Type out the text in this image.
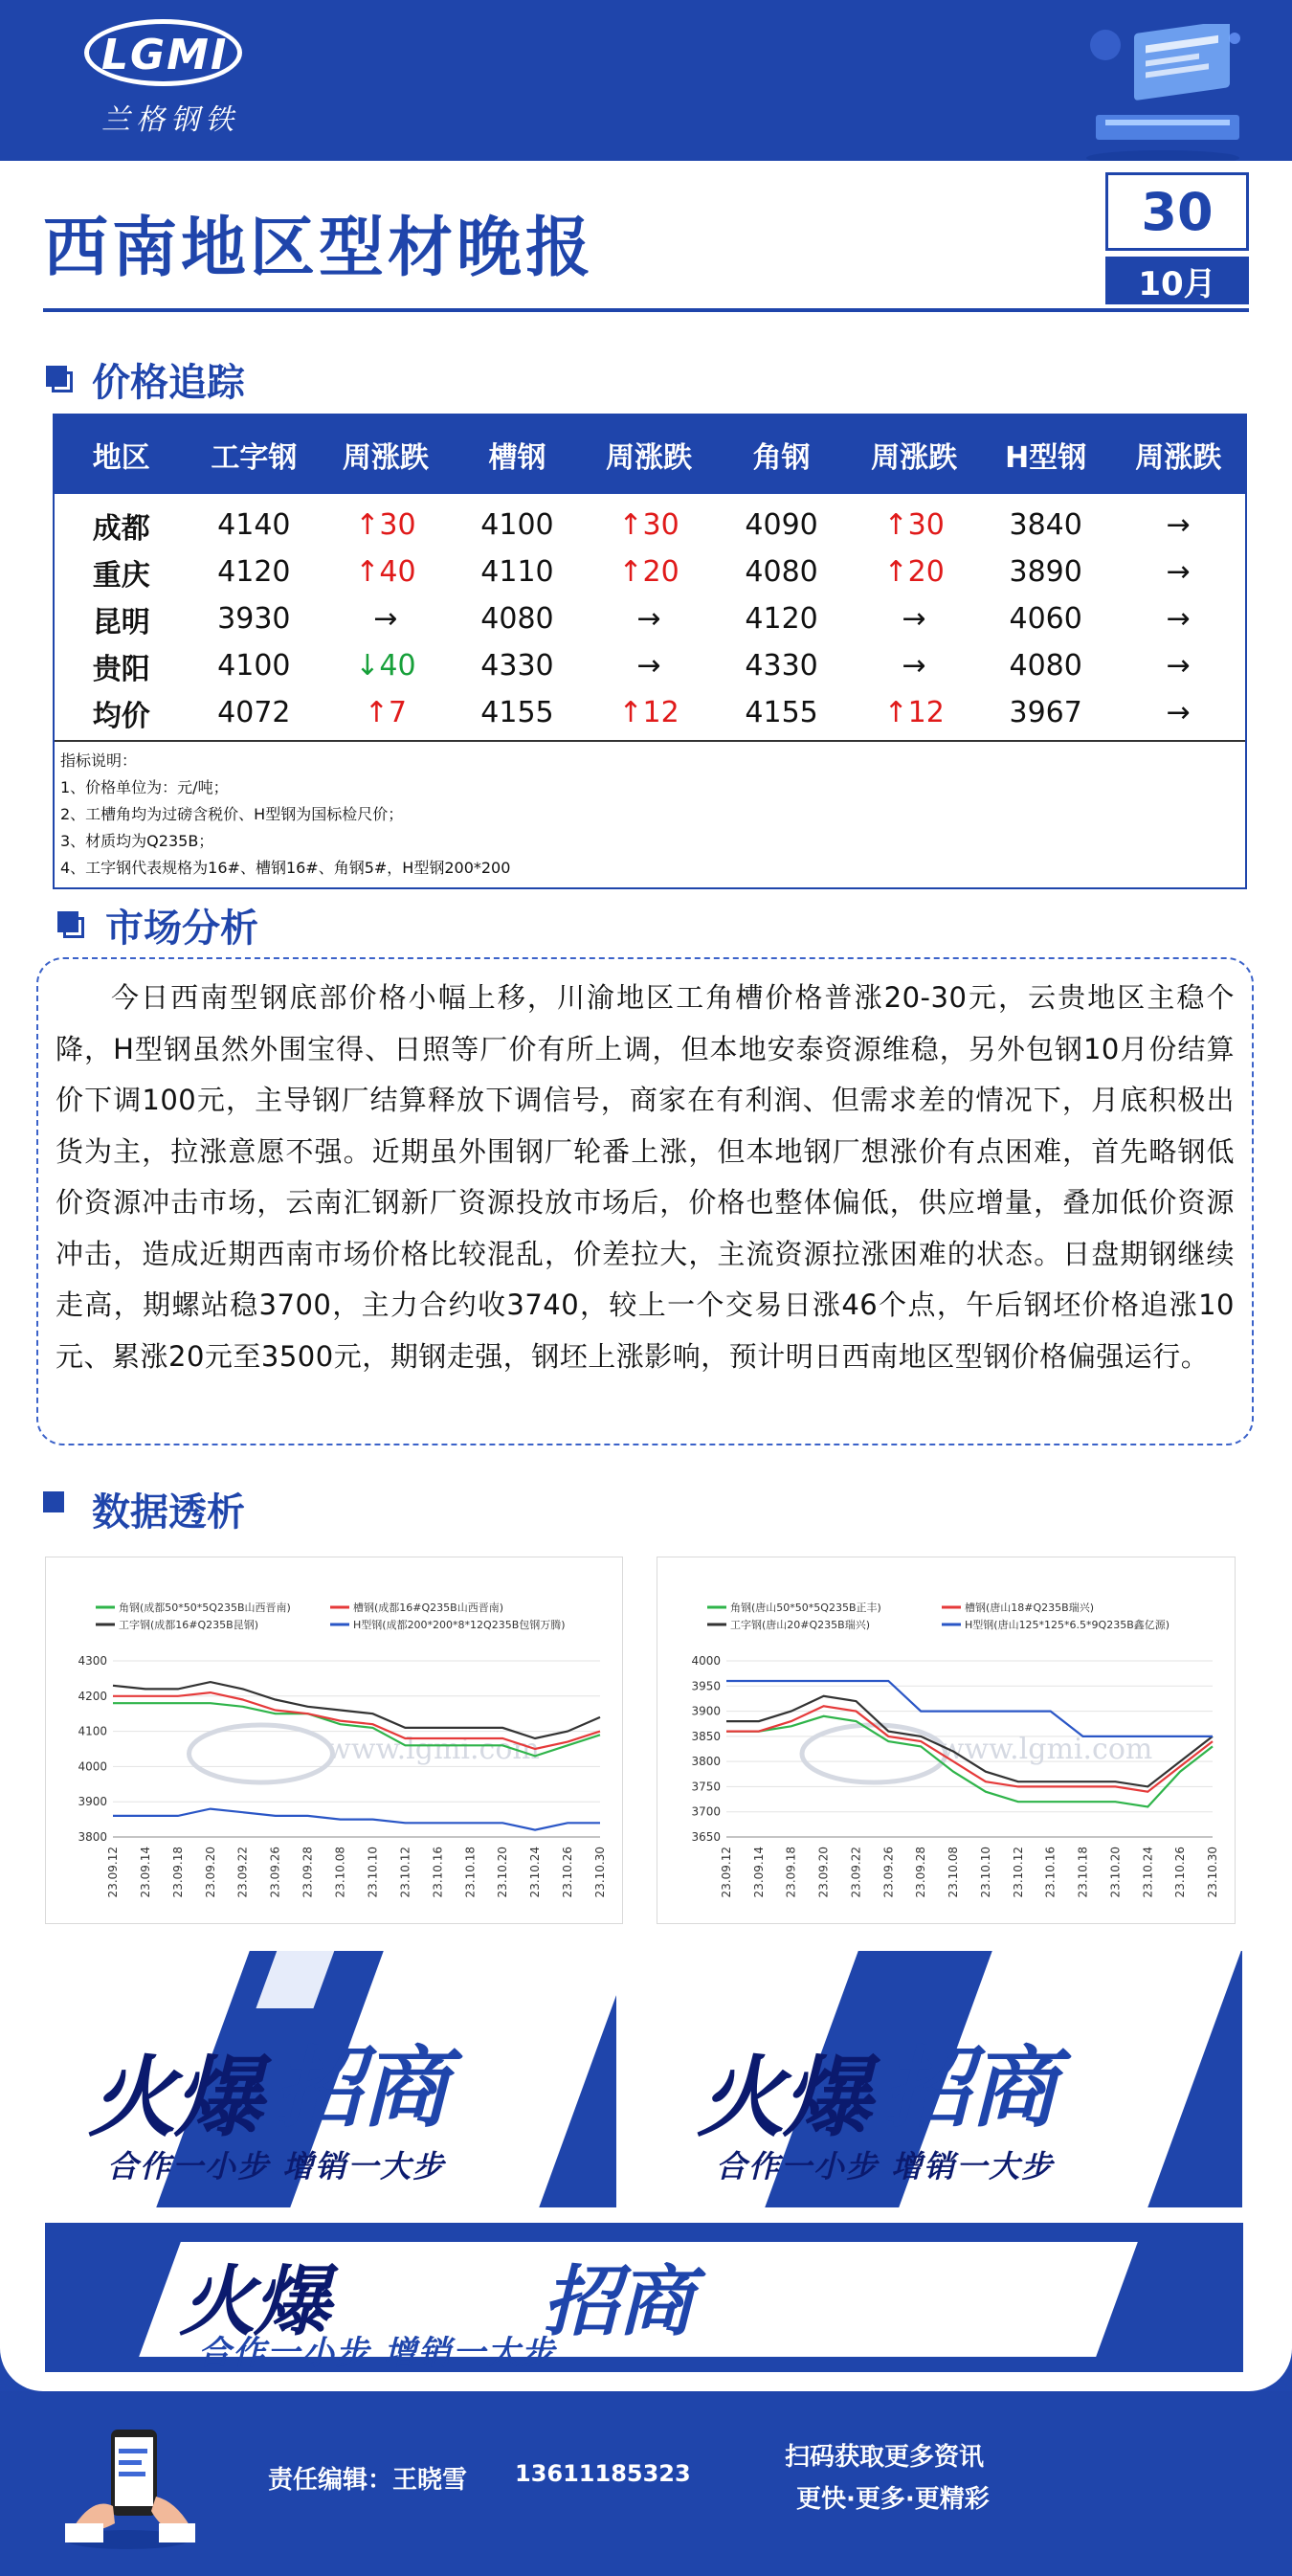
LGMI
兰格钢铁
西南地区型材晚报	30
10月
价格追踪
地区	工字钢	周涨跌	槽钢	周涨跌	角钢	周涨跌	H型钢	周涨跌
成都	4140	↑30	4100	↑30	4090	↑30	3840	→
重庆	4120	↑40	4110	↑20	4080	↑20	3890	→
昆明	3930	→	4080	→	4120	→	4060	→
贵阳	4100	↓40	4330	→	4330	→	4080	→
均价	4072	↑7	4155	↑12	4155	↑12	3967	→
指标说明：
1、价格单位为：元/吨；
2、工槽角均为过磅含税价、H型钢为国标检尺价；
3、材质均为Q235B；
4、工字钢代表规格为16#、槽钢16#、角钢5#，H型钢200*200
市场分析

今日西南型钢底部价格小幅上移，川渝地区工角槽价格普涨20-30元，云贵地区主稳个降，H型钢虽然外围宝得、日照等厂价有所上调，但本地安泰资源维稳，另外包钢10月份结算价下调100元，主导钢厂结算释放下调信号，商家在有利润、但需求差的情况下，月底积极出货为主，拉涨意愿不强。近期虽外围钢厂轮番上涨，但本地钢厂想涨价有点困难，首先略钢低价资源冲击市场，云南汇钢新厂资源投放市场后，价格也整体偏低，供应增量，叠加低价资源冲击，造成近期西南市场价格比较混乱，价差拉大，主流资源拉涨困难的状态。日盘期钢继续走高，期螺站稳3700，主力合约收3740，较上一个交易日涨46个点，午后钢坯价格追涨10元、累涨20元至3500元，期钢走强，钢坯上涨影响，预计明日西南地区型钢价格偏强运行。

数据透析
角钢(成都50*50*5Q235B山西晋南)	槽钢(成都16#Q235B山西晋南)
工字钢(成都16#Q235B昆钢)	H型钢(成都200*200*8*12Q235B包钢万腾)
3800
3900
4000
4100
4200
4300
www.lgmi.com
23.09.12 23.09.14 23.09.18 23.09.20 23.09.22 23.09.26 23.09.28 23.10.08 23.10.10 23.10.12 23.10.16 23.10.18 23.10.20 23.10.24 23.10.26 23.10.30
角钢(唐山50*50*5Q235B正丰)	槽钢(唐山18#Q235B瑞兴)
工字钢(唐山20#Q235B瑞兴)	H型钢(唐山125*125*6.5*9Q235B鑫亿源)
3650
3700
3750
3800
3850
3900
3950
4000
www.lgmi.com
23.09.12 23.09.14 23.09.18 23.09.20 23.09.22 23.09.26 23.09.28 23.10.08 23.10.10 23.10.12 23.10.16 23.10.18 23.10.20 23.10.24 23.10.26 23.10.30
火爆 招商
合作一小步 增销一大步
火爆 招商
合作一小步 增销一大步
火爆	招商
合作一小步 增销一大步
责任编辑：王晓雪 13611185323
扫码获取更多资讯
更快·更多·更精彩
